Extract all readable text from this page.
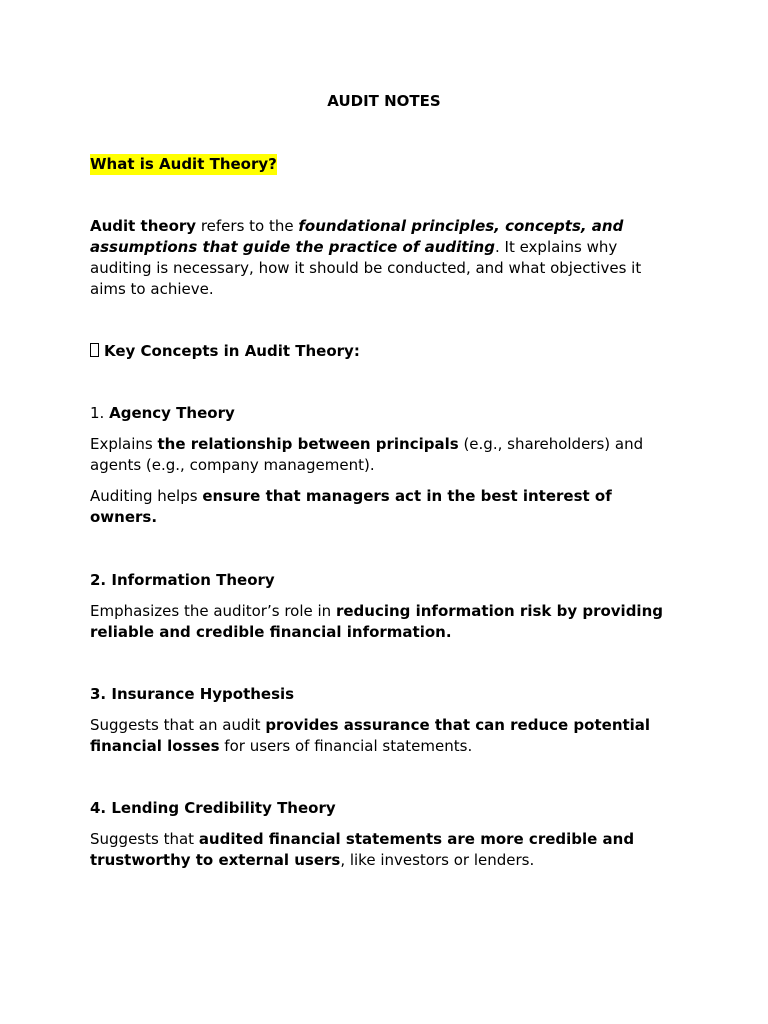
AUDIT NOTES
What is Audit Theory?

Audit theory refers to the foundational principles, concepts, and assumptions that guide the practice of auditing. It explains why auditing is necessary, how it should be conducted, and what objectives it aims to achieve.

Key Concepts in Audit Theory:
1. Agency Theory

Explains the relationship between principals (e.g., shareholders) and agents (e.g., company management).

Auditing helps ensure that managers act in the best interest of owners.

2. Information Theory

Emphasizes the auditor’s role in reducing information risk by providing reliable and credible financial information.

3. Insurance Hypothesis

Suggests that an audit provides assurance that can reduce potential financial losses for users of financial statements.

4. Lending Credibility Theory

Suggests that audited financial statements are more credible and trustworthy to external users, like investors or lenders.
